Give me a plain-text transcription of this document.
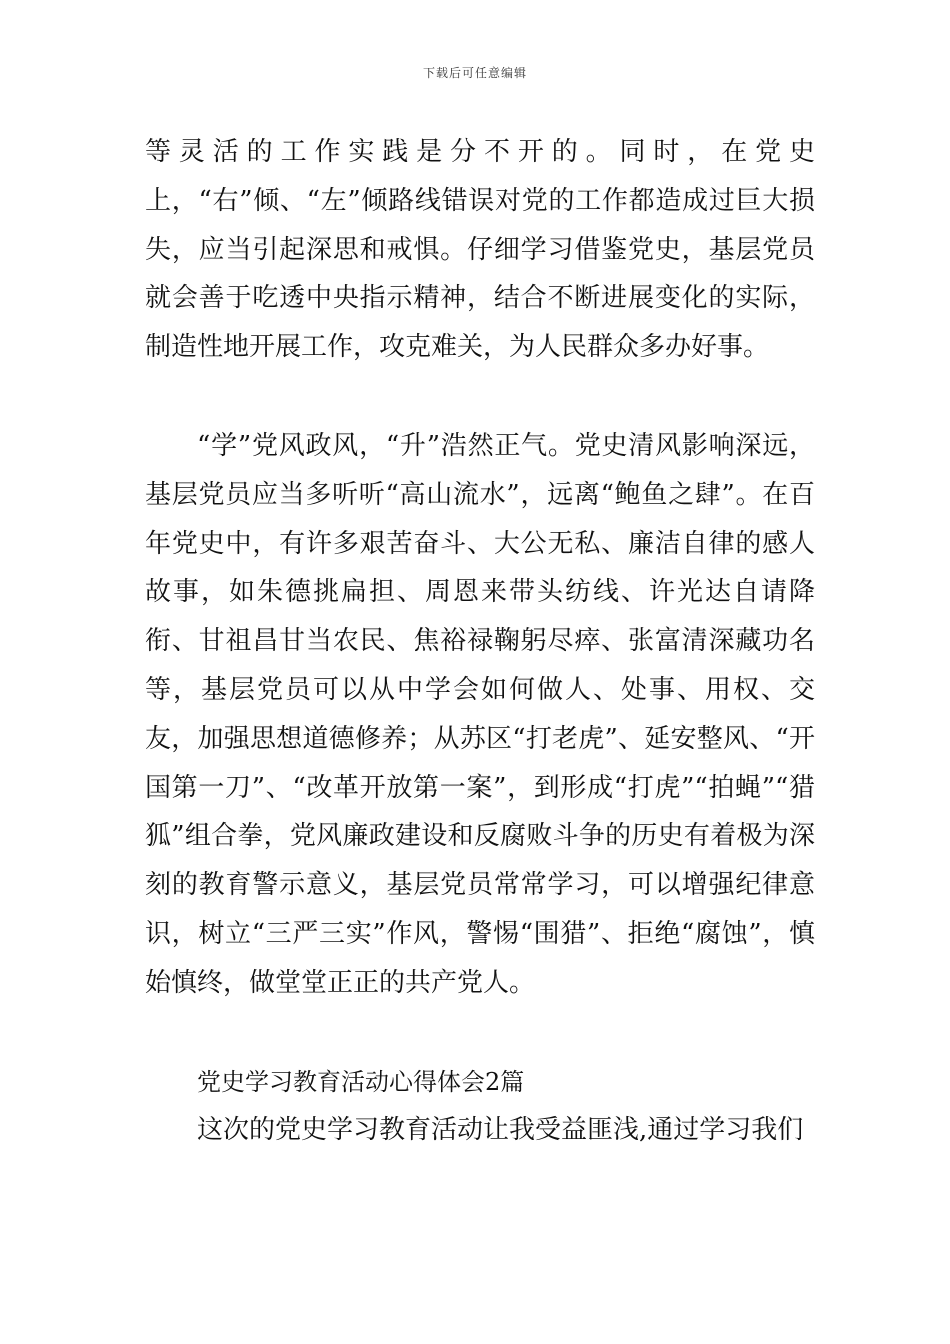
下载后可任意编辑

等灵活的工作实践是分不开的。同时，在党史上，“右”倾、“左”倾路线错误对党的工作都造成过巨大损失，应当引起深思和戒惧。仔细学习借鉴党史，基层党员就会善于吃透中央指示精神，结合不断进展变化的实际，制造性地开展工作，攻克难关，为人民群众多办好事。

“学”党风政风，“升”浩然正气。党史清风影响深远，基层党员应当多听听“高山流水”，远离“鲍鱼之肆”。在百年党史中，有许多艰苦奋斗、大公无私、廉洁自律的感人故事，如朱德挑扁担、周恩来带头纺线、许光达自请降衔、甘祖昌甘当农民、焦裕禄鞠躬尽瘁、张富清深藏功名等，基层党员可以从中学会如何做人、处事、用权、交友，加强思想道德修养；从苏区“打老虎”、延安整风、“开国第一刀”、“改革开放第一案”，到形成“打虎”“拍蝇”“猎狐”组合拳，党风廉政建设和反腐败斗争的历史有着极为深刻的教育警示意义，基层党员常常学习，可以增强纪律意识，树立“三严三实”作风，警惕“围猎”、拒绝“腐蚀”，慎始慎终，做堂堂正正的共产党人。

党史学习教育活动心得体会2篇

这次的党史学习教育活动让我受益匪浅,通过学习我们
